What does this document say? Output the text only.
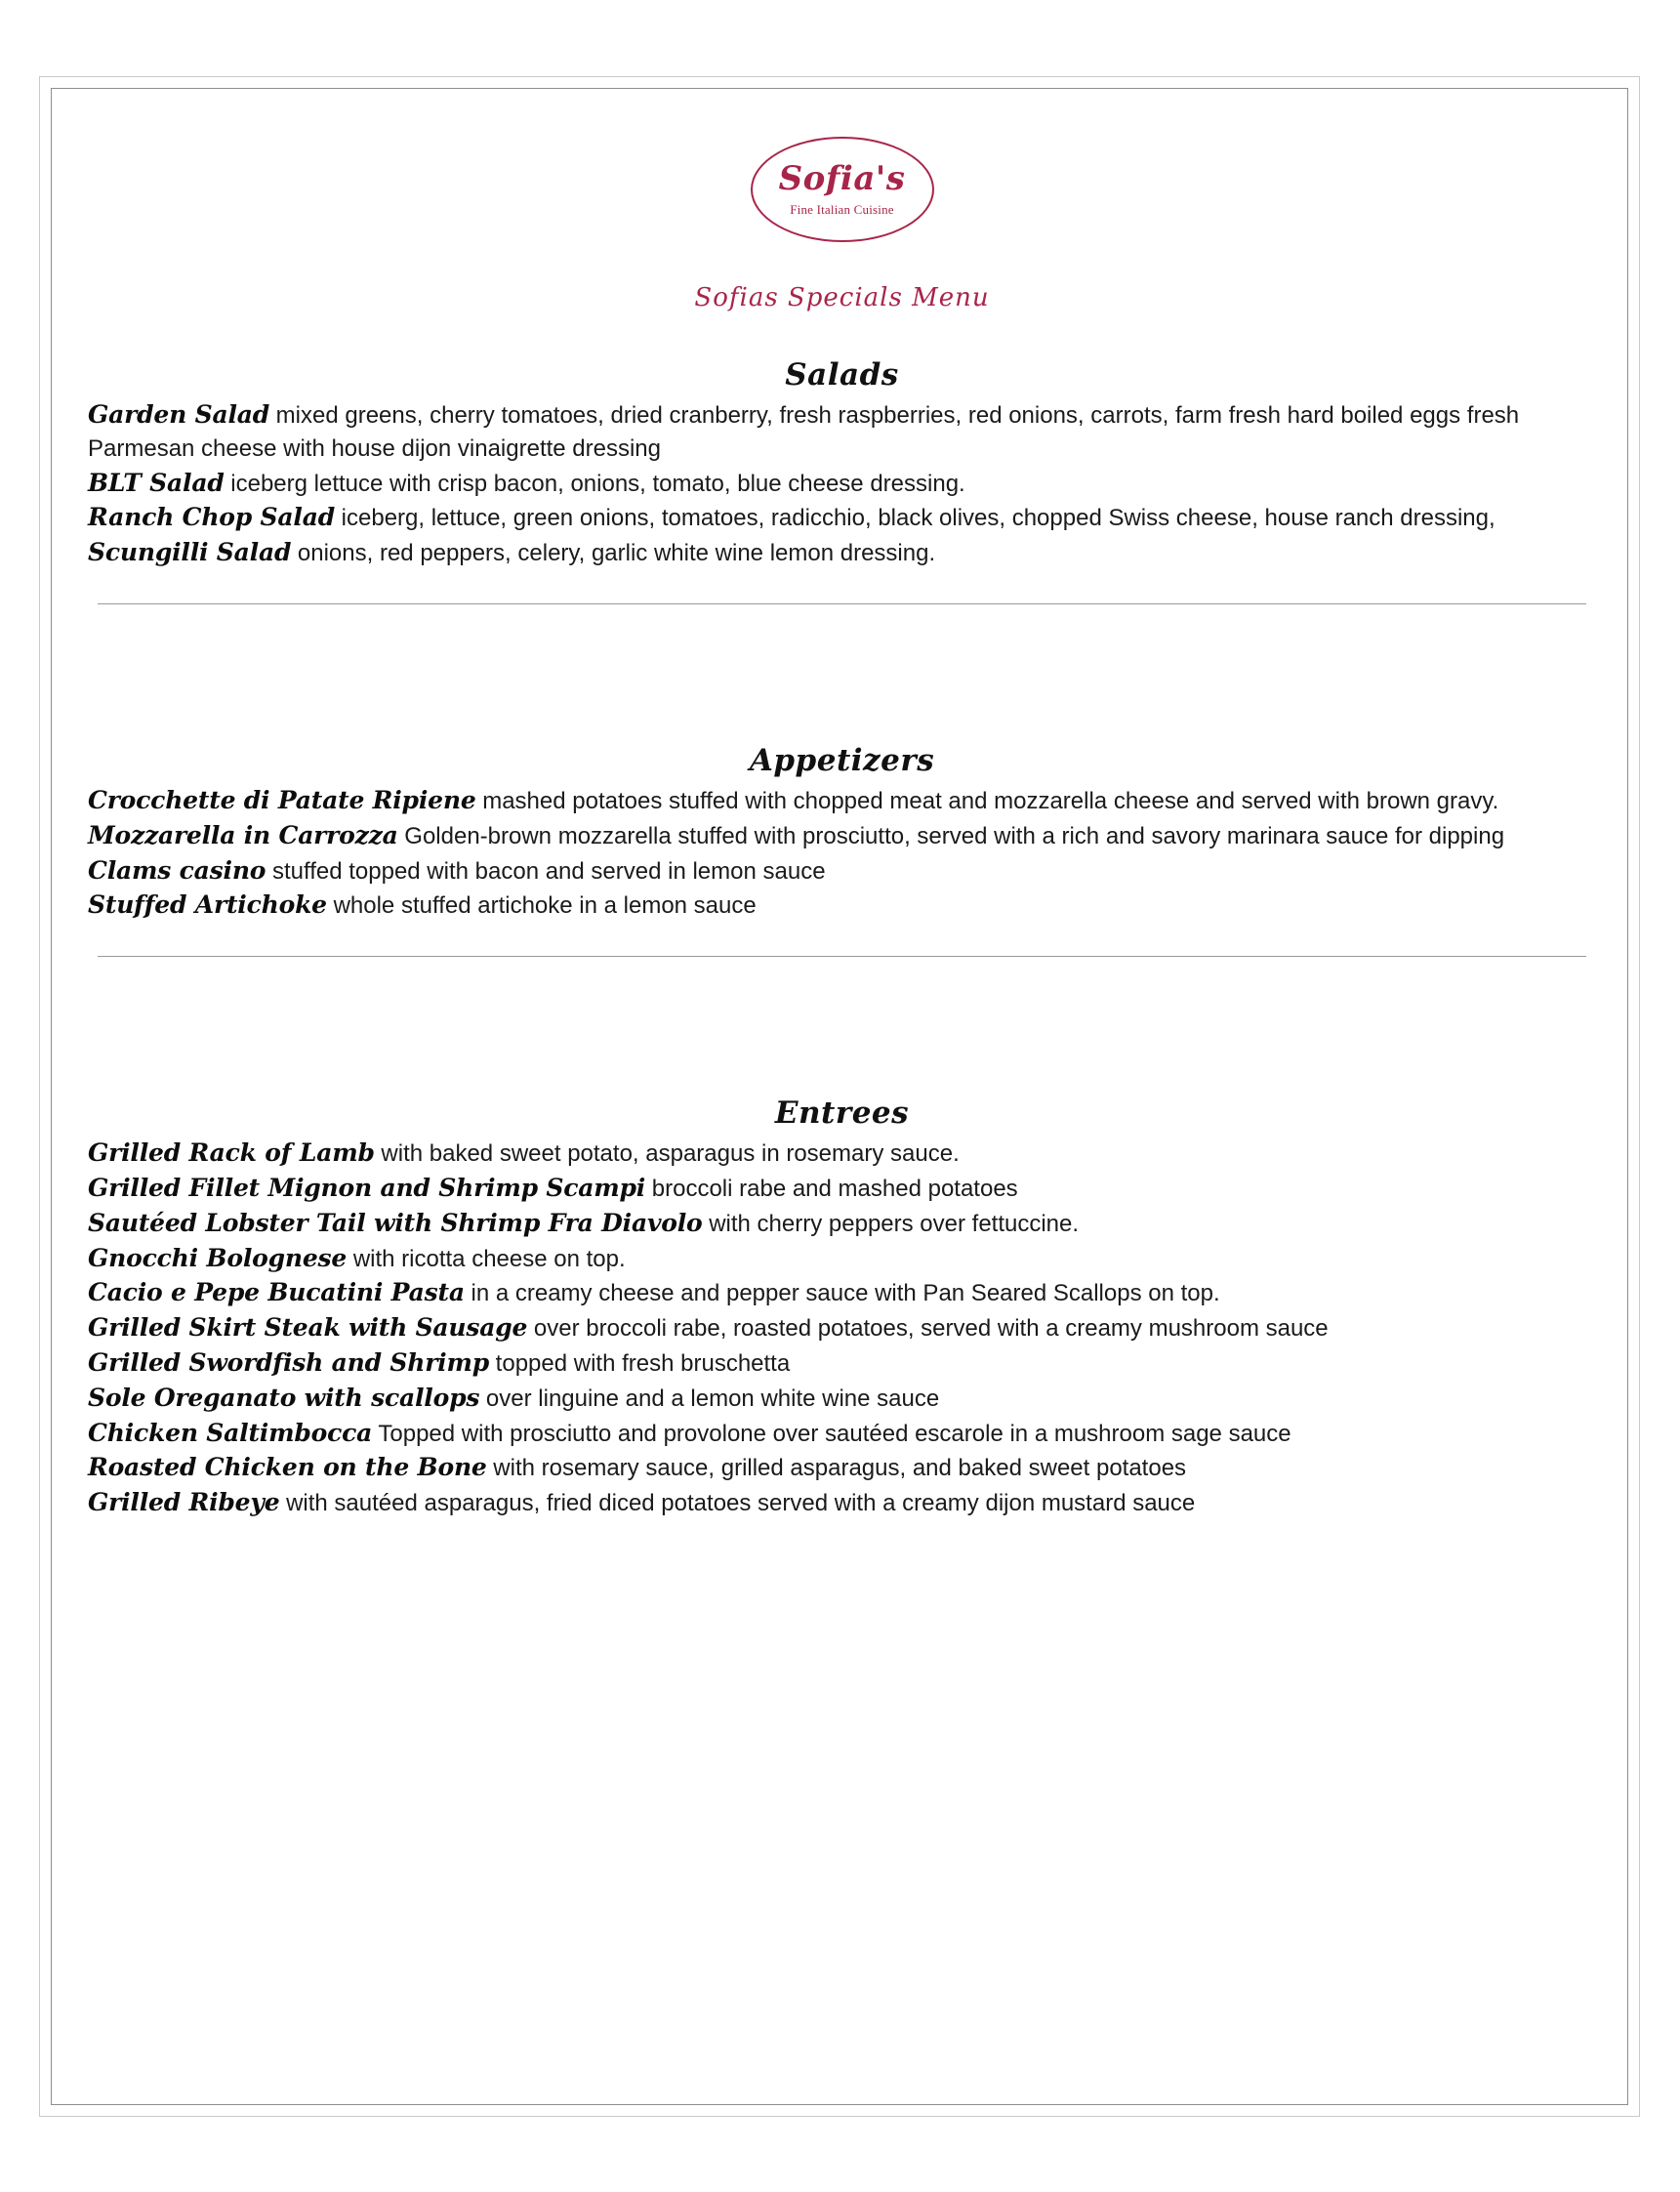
Sofia's
Fine Italian Cuisine
Sofias Specials Menu
Salads

Garden Salad mixed greens, cherry tomatoes, dried cranberry, fresh raspberries, red onions, carrots, farm fresh hard boiled eggs fresh Parmesan cheese with house dijon vinaigrette dressing

BLT Salad iceberg lettuce with crisp bacon, onions, tomato, blue cheese dressing.

Ranch Chop Salad iceberg, lettuce, green onions, tomatoes, radicchio, black olives, chopped Swiss cheese, house ranch dressing,

Scungilli Salad onions, red peppers, celery, garlic white wine lemon dressing.

Appetizers

Crocchette di Patate Ripiene mashed potatoes stuffed with chopped meat and mozzarella cheese and served with brown gravy.

Mozzarella in Carrozza Golden-brown mozzarella stuffed with prosciutto, served with a rich and savory marinara sauce for dipping

Clams casino stuffed topped with bacon and served in lemon sauce

Stuffed Artichoke whole stuffed artichoke in a lemon sauce

Entrees

Grilled Rack of Lamb with baked sweet potato, asparagus in rosemary sauce.

Grilled Fillet Mignon and Shrimp Scampi broccoli rabe and mashed potatoes

Sautéed Lobster Tail with Shrimp Fra Diavolo with cherry peppers over fettuccine.

Gnocchi Bolognese with ricotta cheese on top.

Cacio e Pepe Bucatini Pasta in a creamy cheese and pepper sauce with Pan Seared Scallops on top.

Grilled Skirt Steak with Sausage over broccoli rabe, roasted potatoes, served with a creamy mushroom sauce

Grilled Swordfish and Shrimp topped with fresh bruschetta

Sole Oreganato with scallops over linguine and a lemon white wine sauce

Chicken Saltimbocca Topped with prosciutto and provolone over sautéed escarole in a mushroom sage sauce

Roasted Chicken on the Bone with rosemary sauce, grilled asparagus, and baked sweet potatoes

Grilled Ribeye with sautéed asparagus, fried diced potatoes served with a creamy dijon mustard sauce
